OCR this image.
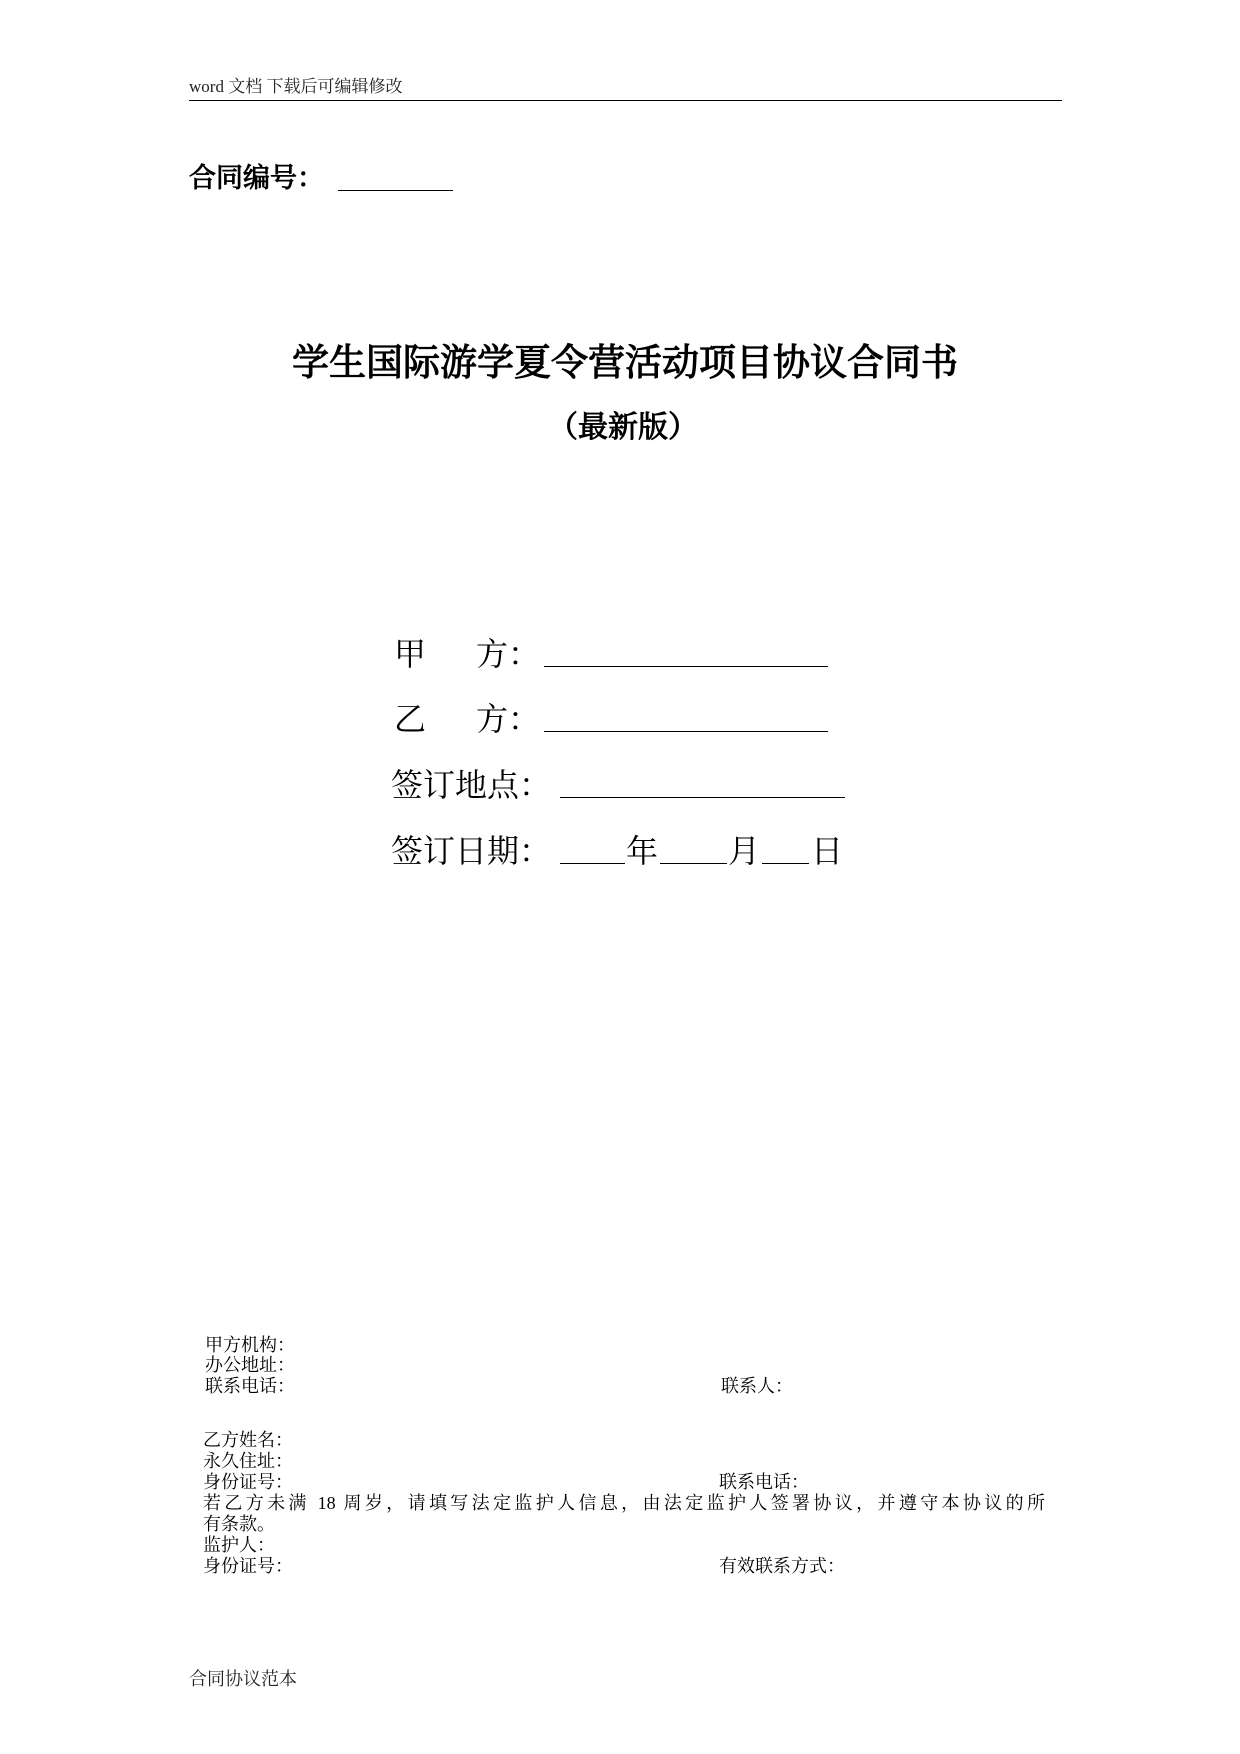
word 文档 下载后可编辑修改
合同编号：
学生国际游学夏令营活动项目协议合同书
（最新版）
甲 方：
乙 方：
签订地点：
签订日期： 年 月 日
甲方机构：
办公地址：
联系电话：	联系人：
乙方姓名：
永久住址：
身份证号：	联系电话：
若乙方未满 18 周岁，请填写法定监护人信息，由法定监护人签署协议，并遵守本协议的所
有条款。
监护人：
身份证号：	有效联系方式：
合同协议范本
